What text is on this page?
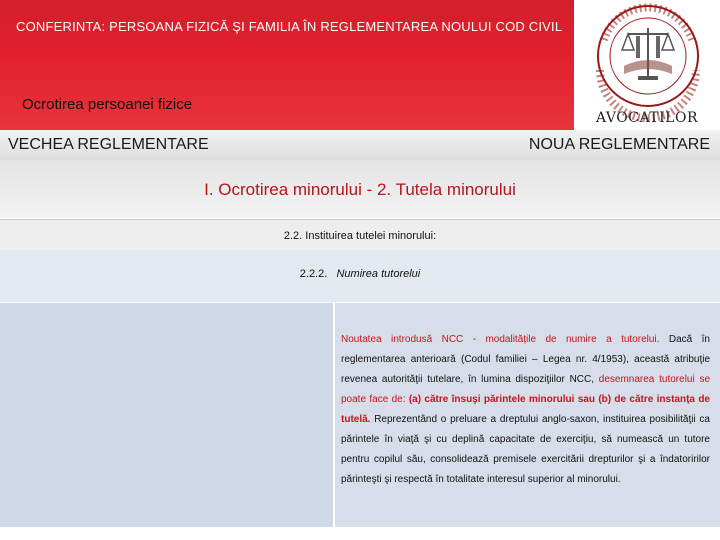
CONFERINTA: PERSOANA FIZICĂ ŞI FAMILIA ÎN REGLEMENTAREA NOULUI COD CIVIL
Ocrotirea persoanei fizice
AVOCATILOR
VECHEA REGLEMENTARE	NOUA REGLEMENTARE
I. Ocrotirea minorului - 2. Tutela minorului
2.2. Instituirea tutelei minorului:
2.2.2. Numirea tutorelui
Noutatea introdusă NCC - modalitățile de numire a tutorelui. Dacă în reglementarea anterioară (Codul familiei – Legea nr. 4/1953), aceastǎ atribuţie revenea autorităţii tutelare, în lumina dispoziţiilor NCC, desemnarea tutorelui se poate face de: (a) către însuşi părintele minorului sau (b) de către instanța de tutelă. Reprezentând o preluare a dreptului anglo-saxon, instituirea posibilităţii ca părintele în viaţă şi cu deplină capacitate de exerciţiu, să numească un tutore pentru copilul său, consolidează premisele exercitării drepturilor şi a îndatoririlor părinteşti şi respectă în totalitate interesul superior al minorului.
